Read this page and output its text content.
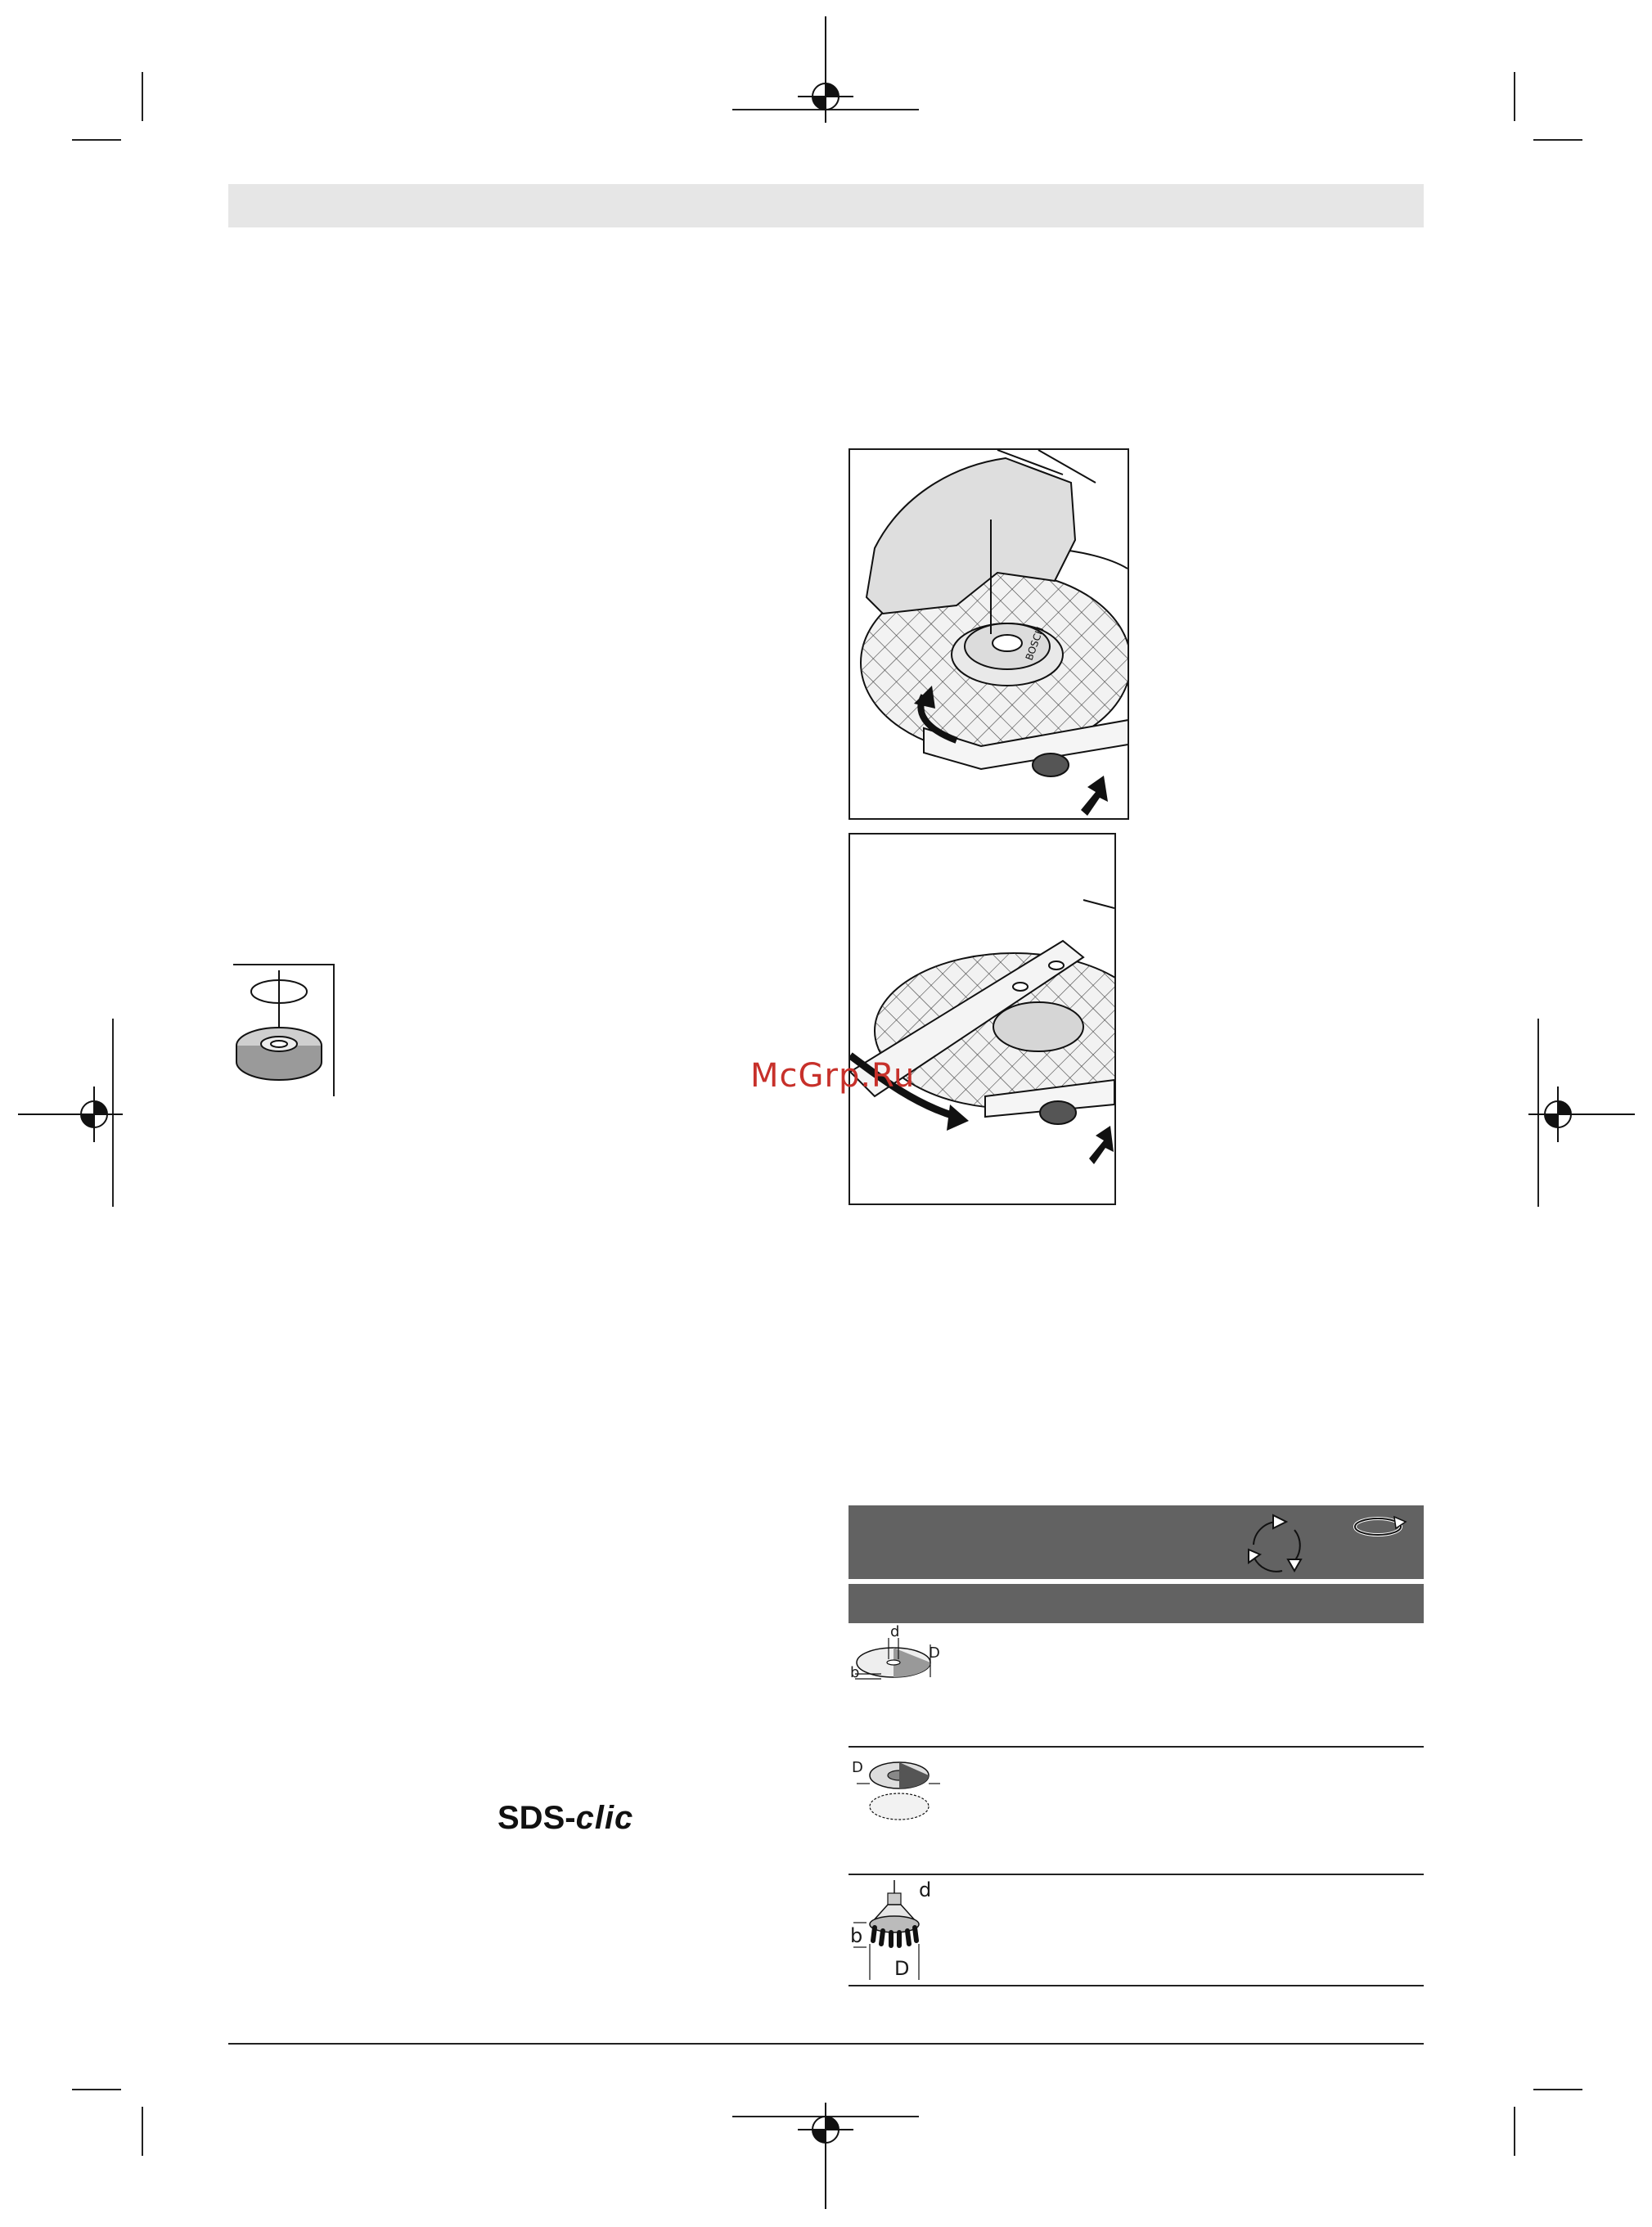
BOSCH
McGrp.Ru
SDS-clic
d
D
b
D
d
b
D
